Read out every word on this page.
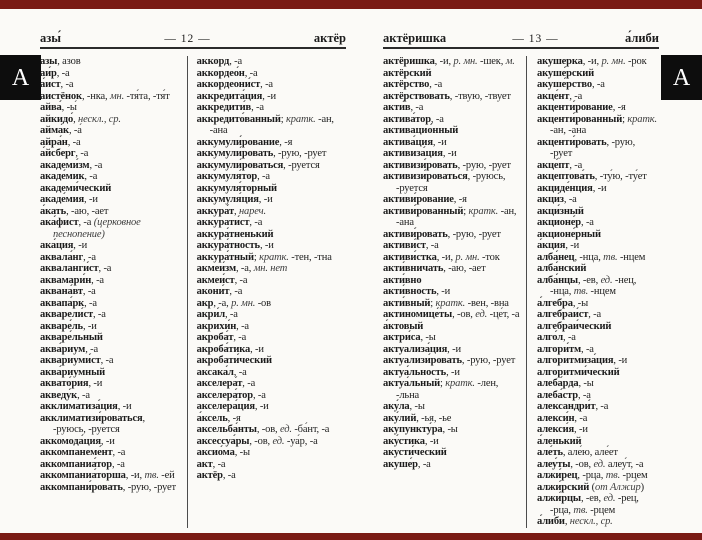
А	А
азы́	— 12 —	актёр
азы́, азо́в
аи́р, -а
а́ист, -а
аистёнок, -нка, мн. -тя́та, -тя́т
айва́, -ы́
айкидо́, нескл., ср.
айма́к, -а́
айра́н, -а
а́йсберг, -а
академи́зм, -а
акаде́мик, -а
академи́ческий
акаде́мия, -и
а́кать, -аю, -ает
ака́фист, -а (церковное песнопение)
ака́ция, -и
аквала́нг, -а
акваланги́ст, -а
аквамари́н, -а
аквана́вт, -а
аквапа́рк, -а
акварели́ст, -а
акваре́ль, -и
акваре́льный
аква́риум, -а
аквариуми́ст, -а
аква́риумный
аквато́рия, -и
акведу́к, -а
акклиматиза́ция, -и
акклиматизи́роваться, -руюсь, -руется
аккомода́ция, -и
аккомпанеме́нт, -а
аккомпаниа́тор, -а
аккомпаниа́торша, -и, тв. -ей
аккомпани́ровать, -рую, -рует
акко́рд, -а
аккордео́н, -а
аккордеони́ст, -а
аккредита́ция, -и
аккредити́в, -а
аккредито́ванный; кратк. -ан, -ана
аккумули́рование, -я
аккумули́ровать, -рую, -рует
аккумули́роваться, -руется
аккумуля́тор, -а
аккумуля́торный
аккумуля́ция, -и
аккура́т, нареч.
аккурати́ст, -а
аккура́тненький
аккура́тность, -и
аккура́тный; кратк. -тен, -тна
акмеи́зм, -а, мн. нет
акмеи́ст, -а
акони́т, -а
акр, -а, р. мн. -ов
акри́л, -а
акрихи́н, -а
акроба́т, -а
акроба́тика, -и
акробати́ческий
аксака́л, -а
акселера́т, -а
акселера́тор, -а
акселера́ция, -и
а́ксель, -я
аксельба́нты, -ов, ед. -ба́нт, -а
аксессуа́ры, -ов, ед. -уа́р, -а
аксио́ма, -ы
акт, -а
актёр, -а
актёришка	— 13 —	а́либи
актёришка, -и, р. мн. -шек, м.
актёрский
актёрство, -а
актёрствовать, -твую, -твует
акти́в, -а
актива́тор, -а
активацио́нный
актива́ция, -и
активиза́ция, -и
активизи́ровать, -рую, -рует
активизи́роваться, -руюсь, -руется
активи́рование, -я
активи́рованный; кратк. -ан, -ана
активи́ровать, -рую, -рует
активи́ст, -а
активи́стка, -и, р. мн. -ток
акти́вничать, -аю, -ает
акти́вно
акти́вность, -и
акти́вный; кратк. -вен, -вна
актиномице́ты, -ов, ед. -це́т, -а
а́ктовый
актри́са, -ы
актуализа́ция, -и
актуализи́ровать, -рую, -рует
актуа́льность, -и
актуа́льный; кратк. -лен, -льна
аку́ла, -ы
аку́лий, -ья, -ье
акупункту́ра, -ы
аку́стика, -и
акусти́ческий
акуше́р, -а
акуше́рка, -и, р. мн. -рок
акуше́рский
акуше́рство, -а
акце́нт, -а
акценти́рование, -я
акценти́рованный; кратк. -ан, -ана
акценти́ровать, -рую, -рует
акце́пт, -а
акцептова́ть, -ту́ю, -ту́ет
акциде́нция, -и
акци́з, -а
акци́зный
акционе́р, -а
акционе́рный
а́кция, -и
алба́нец, -нца, тв. -нцем
алба́нский
алба́нцы, -ев, ед. -нец, -нца, тв. -нцем
а́лгебра, -ы
алгебраи́ст, -а
алгебраи́ческий
алго́л, -а
алгори́тм, -а
алгоритмиза́ция, -и
алгоритми́ческий
алеба́рда, -ы
алеба́стр, -а
александри́т, -а
алекси́н, -а
алекси́я, -и
а́ленький
але́ть, але́ю, але́ет
алеу́ты, -ов, ед. алеу́т, -а
алжи́рец, -рца, тв. -рцем
алжи́рский (от Алжи́р)
алжи́рцы, -ев, ед. -рец, -рца, тв. -рцем
а́либи, нескл., ср.
